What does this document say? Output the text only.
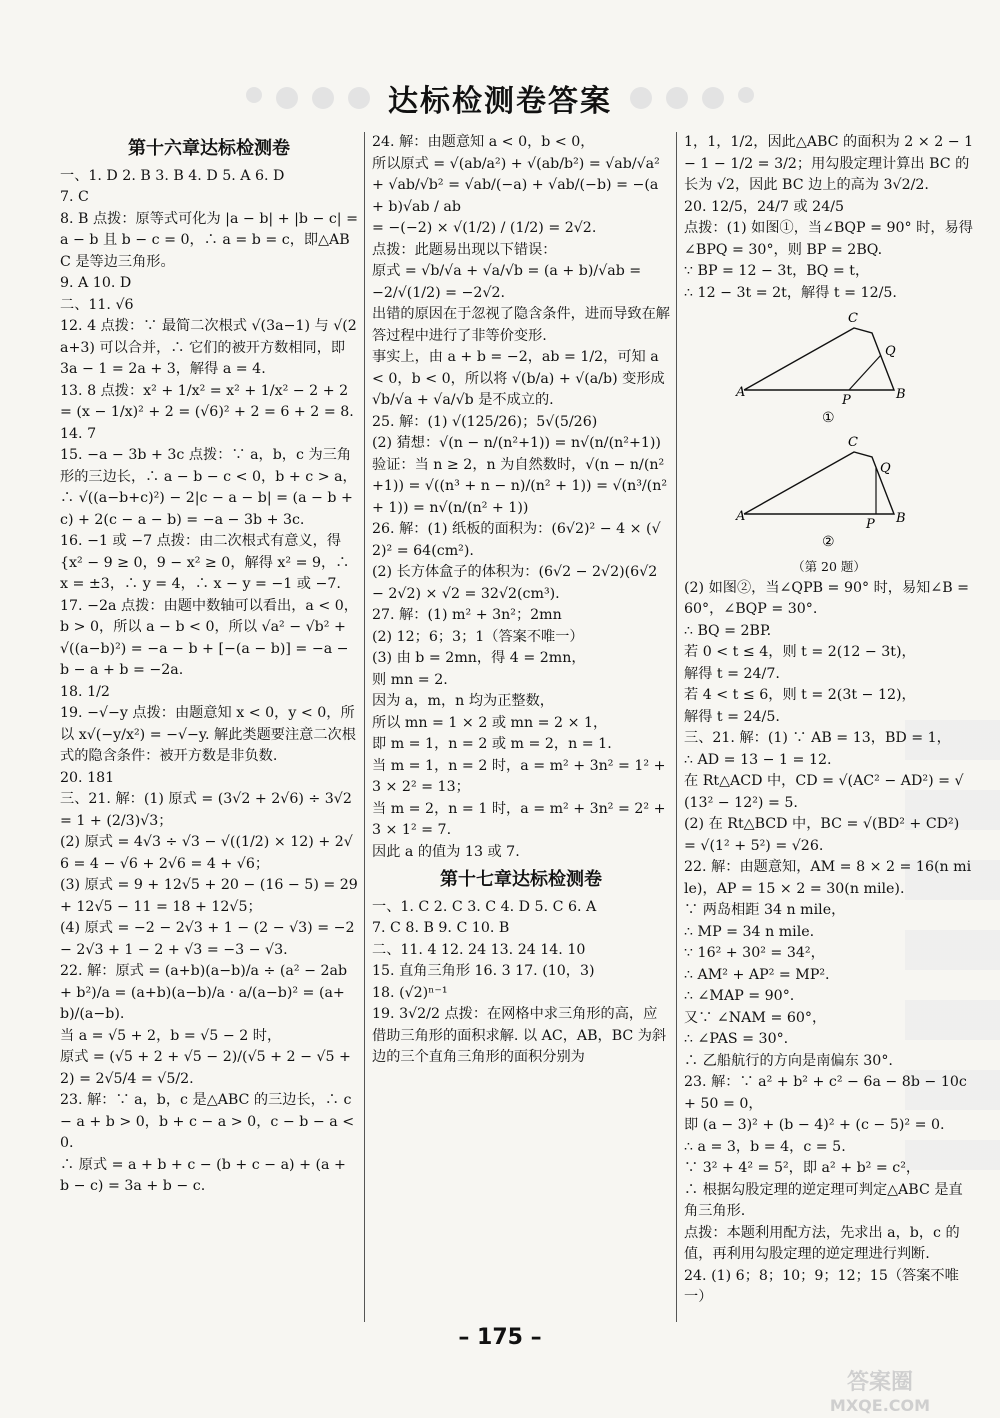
达标检测卷答案
第十六章达标检测卷
一、1. D 2. B 3. B 4. D 5. A 6. D
7. C
8. B 点拨：原等式可化为 |a − b| + |b − c| = a − b 且 b − c = 0，∴ a = b = c，即△ABC 是等边三角形。
9. A 10. D
二、11. √6
12. 4 点拨：∵ 最简二次根式 √(3a−1) 与 √(2a+3) 可以合并，∴ 它们的被开方数相同，即 3a − 1 = 2a + 3，解得 a = 4.
13. 8 点拨：x² + 1/x² = x² + 1/x² − 2 + 2 = (x − 1/x)² + 2 = (√6)² + 2 = 6 + 2 = 8.
14. 7
15. −a − 3b + 3c 点拨：∵ a，b，c 为三角形的三边长，∴ a − b − c < 0，b + c > a，∴ √((a−b+c)²) − 2|c − a − b| = (a − b + c) + 2(c − a − b) = −a − 3b + 3c.
16. −1 或 −7 点拨：由二次根式有意义，得 {x² − 9 ≥ 0，9 − x² ≥ 0，解得 x² = 9，∴ x = ±3，∴ y = 4，∴ x − y = −1 或 −7.
17. −2a 点拨：由题中数轴可以看出，a < 0，b > 0，所以 a − b < 0，所以 √a² − √b² + √((a−b)²) = −a − b + [−(a − b)] = −a − b − a + b = −2a.
18. 1/2
19. −√−y 点拨：由题意知 x < 0，y < 0，所以 x√(−y/x²) = −√−y. 解此类题要注意二次根式的隐含条件：被开方数是非负数.
20. 181
三、21. 解：(1) 原式 = (3√2 + 2√6) ÷ 3√2 = 1 + (2/3)√3；
(2) 原式 = 4√3 ÷ √3 − √((1/2) × 12) + 2√6 = 4 − √6 + 2√6 = 4 + √6；
(3) 原式 = 9 + 12√5 + 20 − (16 − 5) = 29 + 12√5 − 11 = 18 + 12√5；
(4) 原式 = −2 − 2√3 + 1 − (2 − √3) = −2 − 2√3 + 1 − 2 + √3 = −3 − √3.
22. 解：原式 = (a+b)(a−b)/a ÷ (a² − 2ab + b²)/a = (a+b)(a−b)/a · a/(a−b)² = (a+b)/(a−b).
当 a = √5 + 2，b = √5 − 2 时，
原式 = (√5 + 2 + √5 − 2)/(√5 + 2 − √5 + 2) = 2√5/4 = √5/2.
23. 解：∵ a，b，c 是△ABC 的三边长，∴ c − a + b > 0，b + c − a > 0，c − b − a < 0.
∴ 原式 = a + b + c − (b + c − a) + (a + b − c) = 3a + b − c.
24. 解：由题意知 a < 0，b < 0，
所以原式 = √(ab/a²) + √(ab/b²) = √ab/√a² + √ab/√b² = √ab/(−a) + √ab/(−b) = −(a + b)√ab / ab
= −(−2) × √(1/2) / (1/2) = 2√2.
点拨：此题易出现以下错误：
原式 = √b/√a + √a/√b = (a + b)/√ab = −2/√(1/2) = −2√2.
出错的原因在于忽视了隐含条件，进而导致在解答过程中进行了非等价变形.
事实上，由 a + b = −2，ab = 1/2，可知 a < 0，b < 0，所以将 √(b/a) + √(a/b) 变形成 √b/√a + √a/√b 是不成立的.
25. 解：(1) √(125/26)；5√(5/26)
(2) 猜想：√(n − n/(n²+1)) = n√(n/(n²+1))
验证：当 n ≥ 2，n 为自然数时，√(n − n/(n²+1)) = √((n³ + n − n)/(n² + 1)) = √(n³/(n² + 1)) = n√(n/(n² + 1))
26. 解：(1) 纸板的面积为：(6√2)² − 4 × (√2)² = 64(cm²).
(2) 长方体盒子的体积为：(6√2 − 2√2)(6√2 − 2√2) × √2 = 32√2(cm³).
27. 解：(1) m² + 3n²；2mn
(2) 12；6；3；1（答案不唯一）
(3) 由 b = 2mn，得 4 = 2mn，
则 mn = 2.
因为 a，m，n 均为正整数，
所以 mn = 1 × 2 或 mn = 2 × 1，
即 m = 1，n = 2 或 m = 2，n = 1.
当 m = 1，n = 2 时，a = m² + 3n² = 1² + 3 × 2² = 13；
当 m = 2，n = 1 时，a = m² + 3n² = 2² + 3 × 1² = 7.
因此 a 的值为 13 或 7.
第十七章达标检测卷
一、1. C 2. C 3. C 4. D 5. C 6. A
7. C 8. B 9. C 10. B
二、11. 4 12. 24 13. 24 14. 10
15. 直角三角形 16. 3 17. (10，3)
18. (√2)ⁿ⁻¹
19. 3√2/2 点拨：在网格中求三角形的高，应借助三角形的面积求解. 以 AC，AB，BC 为斜边的三个直角三角形的面积分别为
1，1，1/2，因此△ABC 的面积为 2 × 2 − 1 − 1 − 1/2 = 3/2；用勾股定理计算出 BC 的长为 √2，因此 BC 边上的高为 3√2/2.
20. 12/5，24/7 或 24/5
点拨：(1) 如图①，当∠BQP = 90° 时，易得∠BPQ = 30°，则 BP = 2BQ.
∵ BP = 12 − 3t，BQ = t，
∴ 12 − 3t = 2t，解得 t = 12/5.
A	B
C
P
Q
①
A	B
C
P
Q
②
（第 20 题）
(2) 如图②，当∠QPB = 90° 时，易知∠B = 60°，∠BQP = 30°.
∴ BQ = 2BP.
若 0 < t ≤ 4，则 t = 2(12 − 3t)，
解得 t = 24/7.
若 4 < t ≤ 6，则 t = 2(3t − 12)，
解得 t = 24/5.
三、21. 解：(1) ∵ AB = 13，BD = 1，
∴ AD = 13 − 1 = 12.
在 Rt△ACD 中，CD = √(AC² − AD²) = √(13² − 12²) = 5.
(2) 在 Rt△BCD 中，BC = √(BD² + CD²) = √(1² + 5²) = √26.
22. 解：由题意知，AM = 8 × 2 = 16(n mile)，AP = 15 × 2 = 30(n mile).
∵ 两岛相距 34 n mile，
∴ MP = 34 n mile.
∵ 16² + 30² = 34²，
∴ AM² + AP² = MP².
∴ ∠MAP = 90°.
又∵ ∠NAM = 60°，
∴ ∠PAS = 30°.
∴ 乙船航行的方向是南偏东 30°.
23. 解：∵ a² + b² + c² − 6a − 8b − 10c + 50 = 0，
即 (a − 3)² + (b − 4)² + (c − 5)² = 0.
∴ a = 3，b = 4，c = 5.
∵ 3² + 4² = 5²，即 a² + b² = c²，
∴ 根据勾股定理的逆定理可判定△ABC 是直角三角形.
点拨：本题利用配方法，先求出 a，b，c 的值，再利用勾股定理的逆定理进行判断.
24. (1) 6；8；10；9；12；15（答案不唯一）
– 175 –
答案圈
MXQE.COM
